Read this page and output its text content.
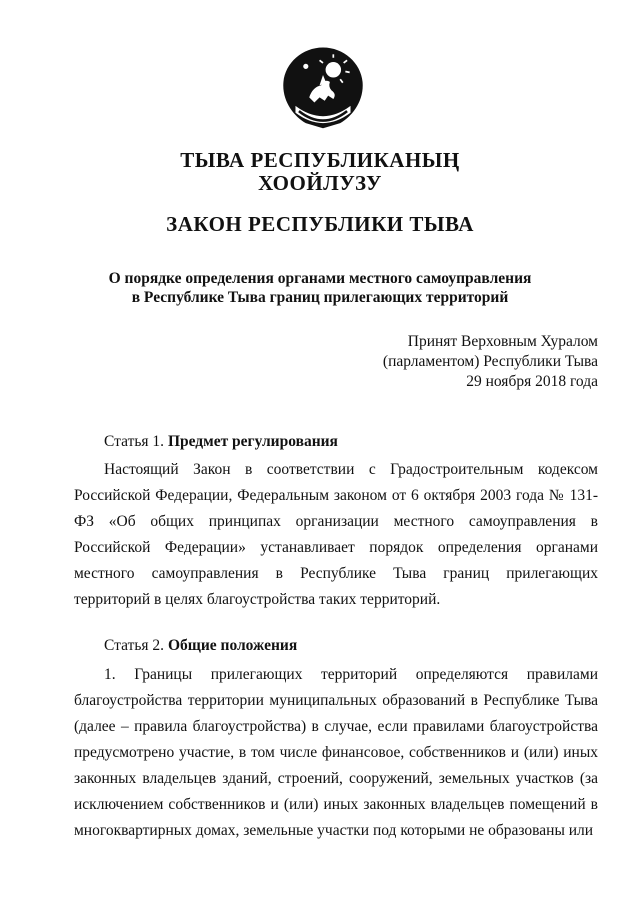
ТЫВА РЕСПУБЛИКАНЫҢ
ХООЙЛУЗУ
ЗАКОН РЕСПУБЛИКИ ТЫВА
О порядке определения органами местного самоуправления
в Республике Тыва границ прилегающих территорий
Принят Верховным Хуралом
(парламентом) Республики Тыва
29 ноября 2018 года
Статья 1. Предмет регулирования
Настоящий Закон в соответствии с Градостроительным кодексом Российской Федерации, Федеральным законом от 6 октября 2003 года № 131-ФЗ «Об общих принципах организации местного самоуправления в Российской Федерации» устанавливает порядок определения органами местного самоуправления в Республике Тыва границ прилегающих территорий в целях благоустройства таких территорий.
Статья 2. Общие положения
1. Границы прилегающих территорий определяются правилами благоустройства территории муниципальных образований в Республике Тыва (далее – правила благоустройства) в случае, если правилами благоустройства предусмотрено участие, в том числе финансовое, собственников и (или) иных законных владельцев зданий, строений, сооружений, земельных участков (за исключением собственников и (или) иных законных владельцев помещений в многоквартирных домах, земельные участки под которыми не образованы или
